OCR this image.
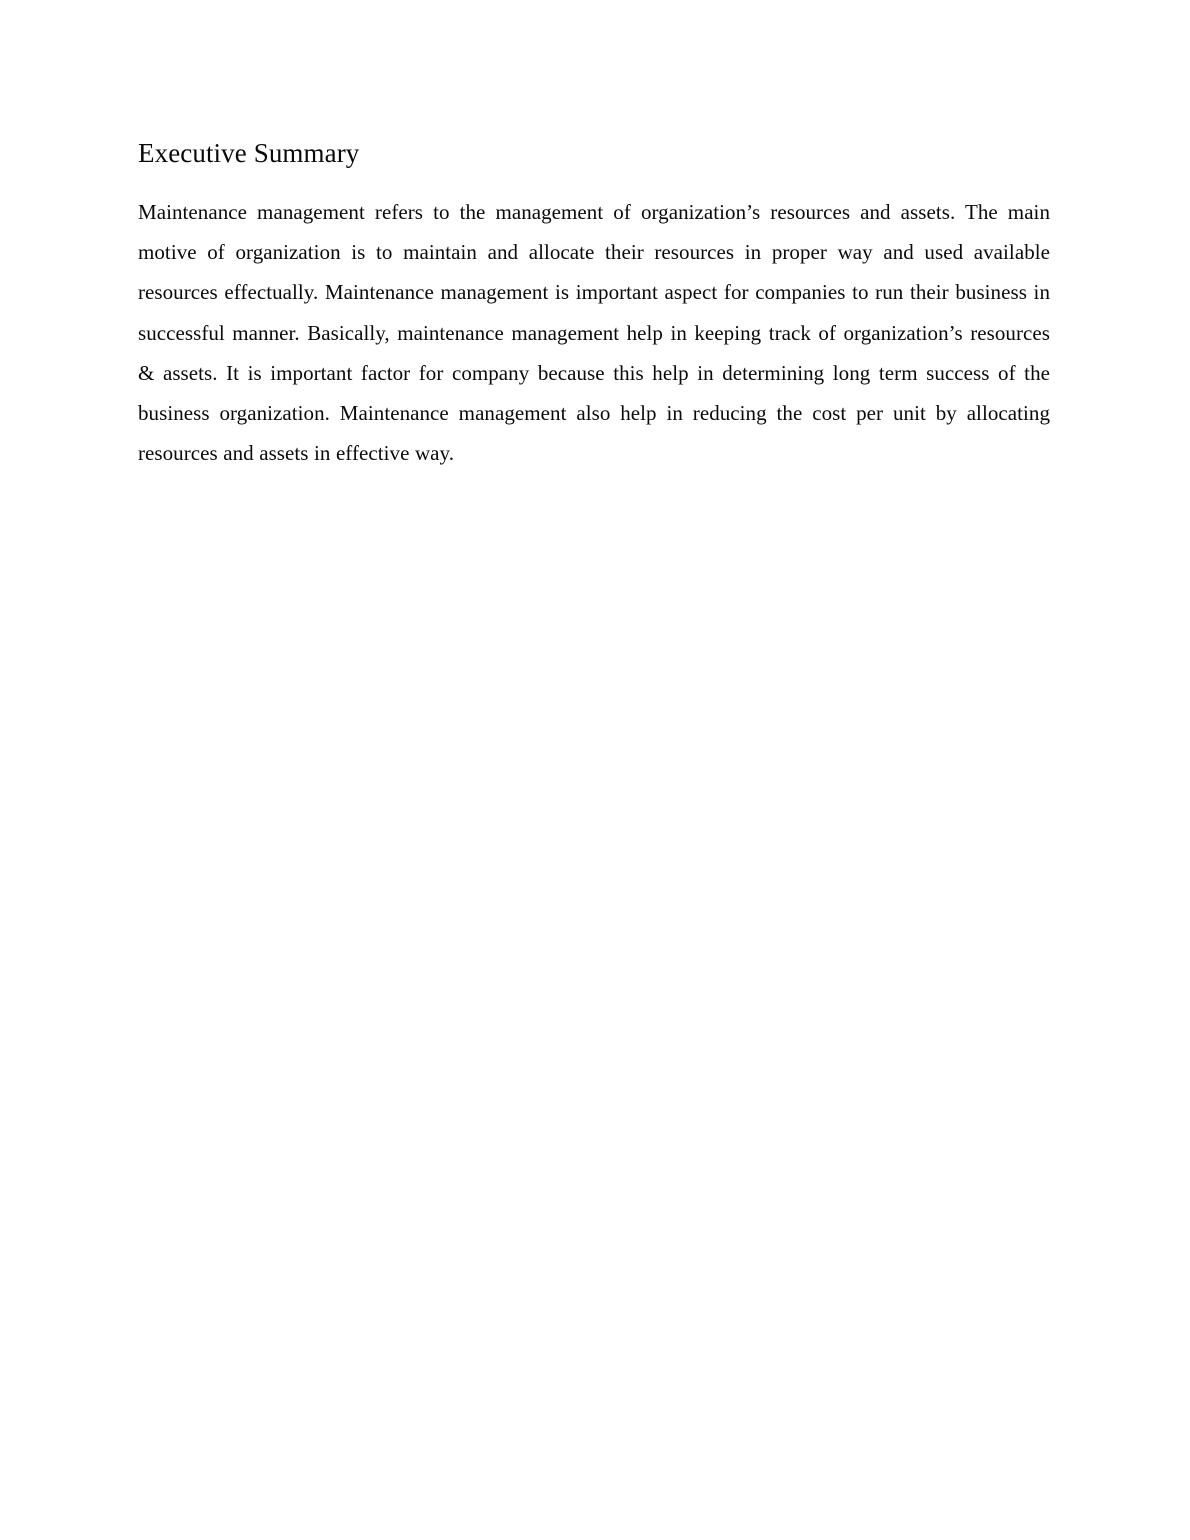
Executive Summary

Maintenance management refers to the management of organization’s resources and assets. The main motive of organization is to maintain and allocate their resources in proper way and used available resources effectually. Maintenance management is important aspect for companies to run their business in successful manner. Basically, maintenance management help in keeping track of organization’s resources & assets. It is important factor for company because this help in determining long term success of the business organization. Maintenance management also help in reducing the cost per unit by allocating resources and assets in effective way.
